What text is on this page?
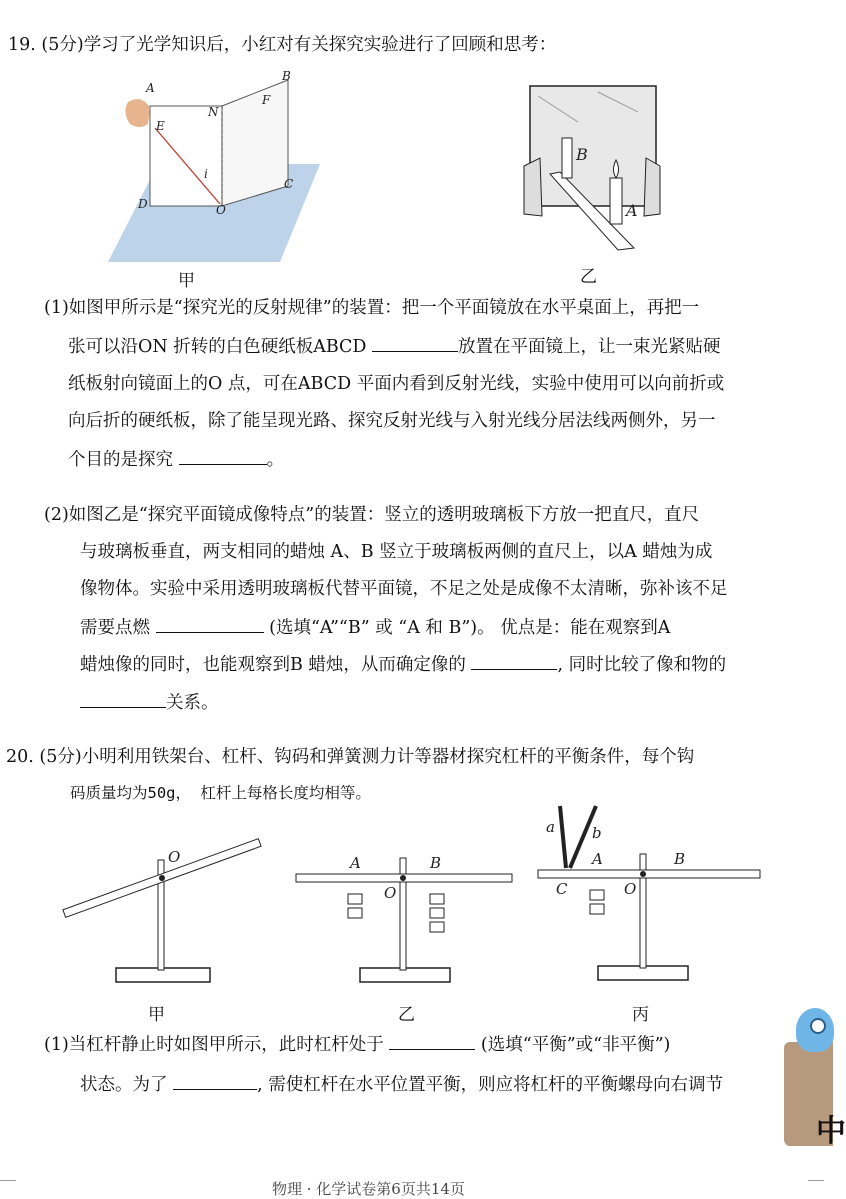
19. (5分)学习了光学知识后，小红对有关探究实验进行了回顾和思考：
A
B
N
F
E
i
O
C
D
甲
B
A
乙
(1)如图甲所示是“探究光的反射规律”的装置：把一个平面镜放在水平桌面上，再把一
张可以沿ON 折转的白色硬纸板ABCD	放置在平面镜上，让一束光紧贴硬
纸板射向镜面上的O 点，可在ABCD 平面内看到反射光线，实验中使用可以向前折或
向后折的硬纸板，除了能呈现光路、探究反射光线与入射光线分居法线两侧外，另一
个目的是探究	。
(2)如图乙是“探究平面镜成像特点”的装置：竖立的透明玻璃板下方放一把直尺，直尺
与玻璃板垂直，两支相同的蜡烛 A、B 竖立于玻璃板两侧的直尺上，以A 蜡烛为成
像物体。实验中采用透明玻璃板代替平面镜，不足之处是成像不太清晰，弥补该不足
需要点燃	(选填“A”“B” 或 “A 和 B”)。 优点是：能在观察到A
蜡烛像的同时，也能观察到B 蜡烛，从而确定像的	, 同时比较了像和物的
关系。
20. (5分)小明利用铁架台、杠杆、钩码和弹簧测力计等器材探究杠杆的平衡条件，每个钩
码质量均为50g， 杠杆上每格长度均相等。
O
甲
A	B
O
乙
a b
A	B
C	O
丙
(1)当杠杆静止时如图甲所示，此时杠杆处于	(选填“平衡”或“非平衡”)
状态。为了	, 需使杠杆在水平位置平衡，则应将杠杆的平衡螺母向右调节
中
物理 · 化学试卷第6页共14页
